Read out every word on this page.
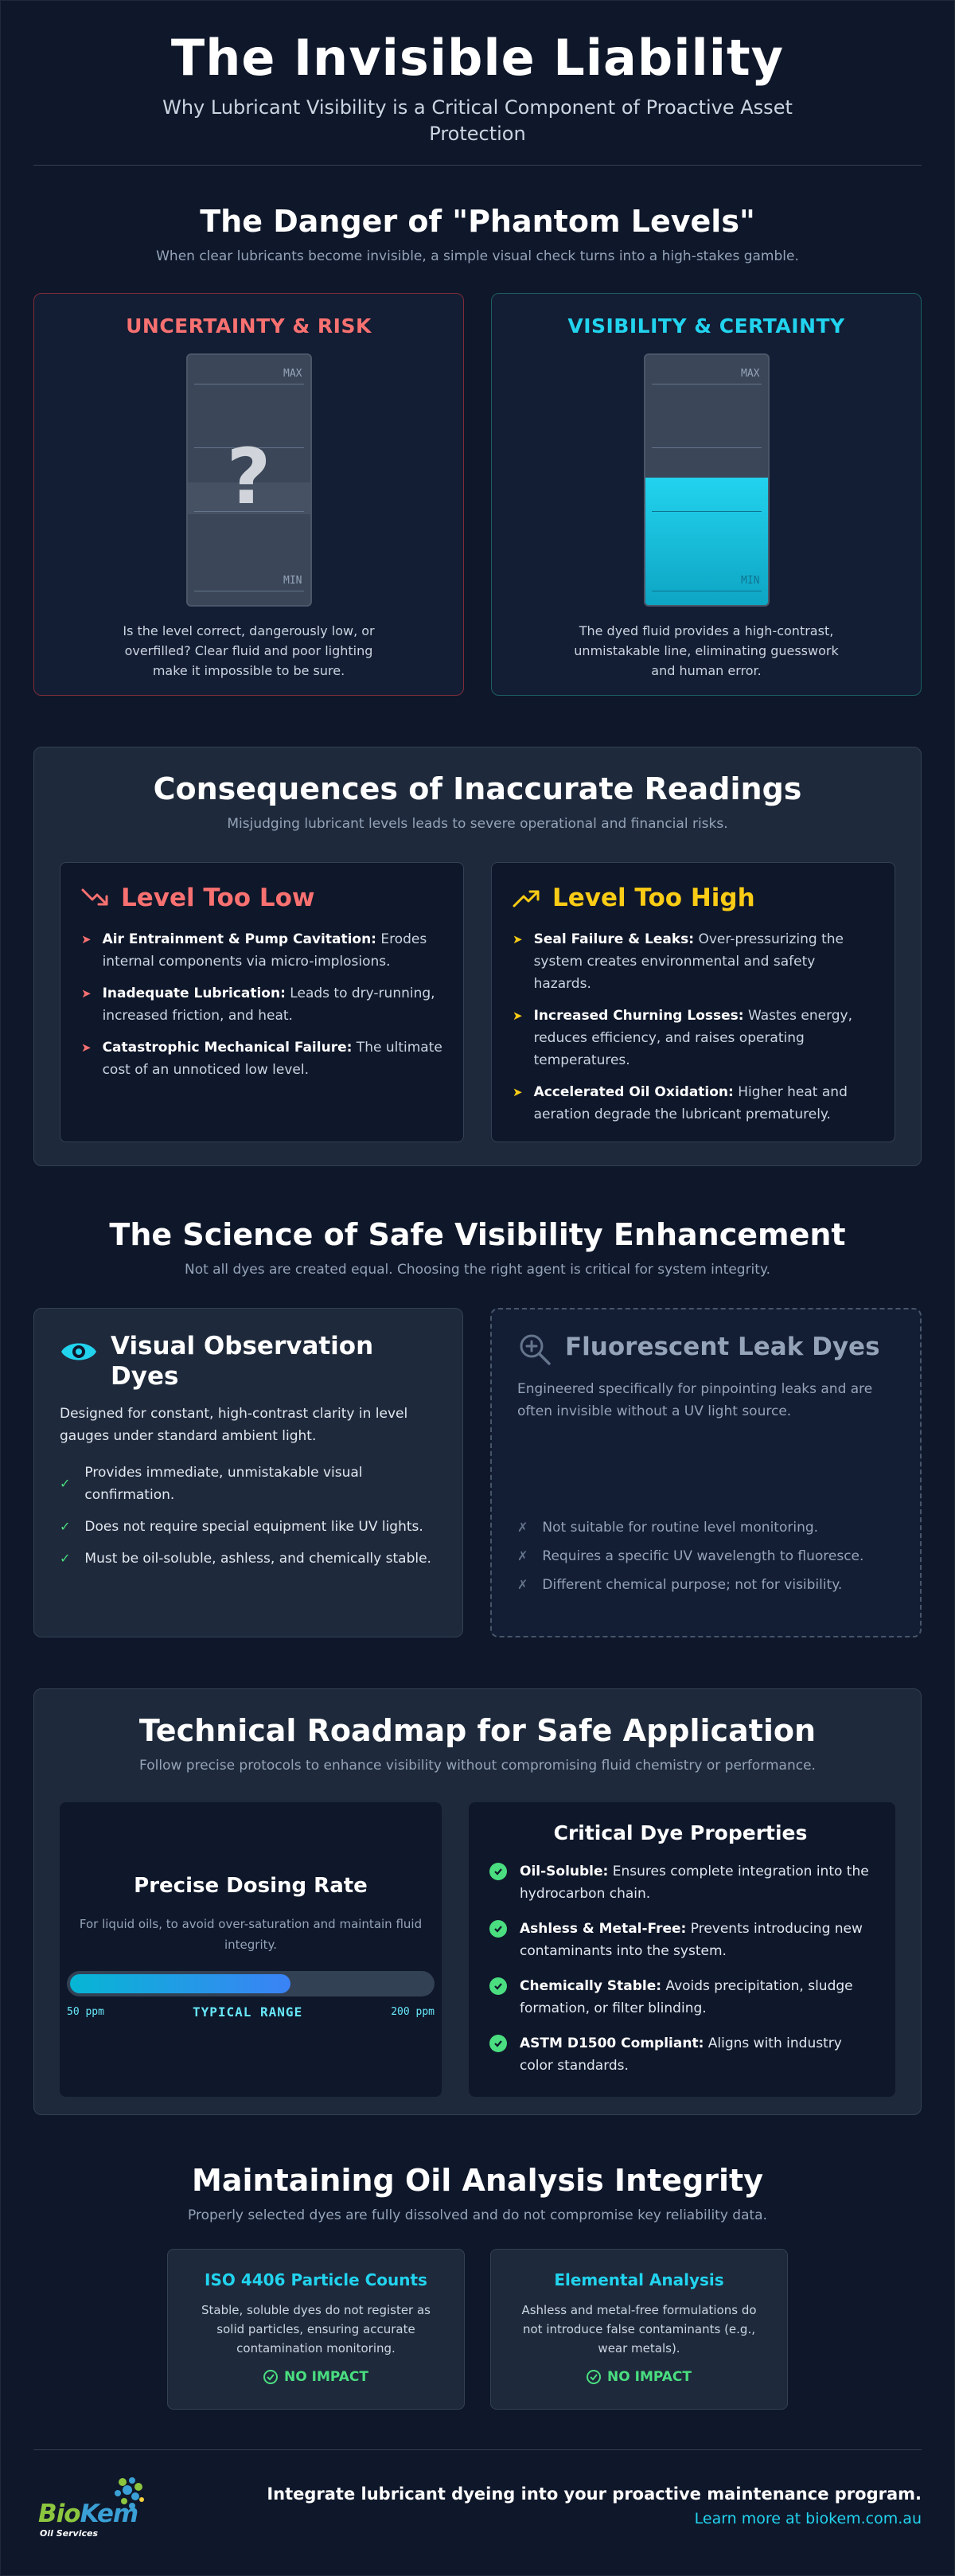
The Invisible Liability

Why Lubricant Visibility is a Critical Component of Proactive Asset Protection

The Danger of "Phantom Levels"

When clear lubricants become invisible, a simple visual check turns into a high-stakes gamble.

UNCERTAINTY & RISK
MAX
?
MIN

Is the level correct, dangerously low, or overfilled? Clear fluid and poor lighting make it impossible to be sure.

VISIBILITY & CERTAINTY
MAX
MIN

The dyed fluid provides a high-contrast, unmistakable line, eliminating guesswork and human error.

Consequences of Inaccurate Readings

Misjudging lubricant levels leads to severe operational and financial risks.

Level Too Low
➤ Air Entrainment & Pump Cavitation: Erodes internal components via micro-implosions.
➤ Inadequate Lubrication: Leads to dry-running, increased friction, and heat.
➤ Catastrophic Mechanical Failure: The ultimate cost of an unnoticed low level.
Level Too High
➤ Seal Failure & Leaks: Over-pressurizing the system creates environmental and safety hazards.
➤ Increased Churning Losses: Wastes energy, reduces efficiency, and raises operating temperatures.
➤ Accelerated Oil Oxidation: Higher heat and aeration degrade the lubricant prematurely.
The Science of Safe Visibility Enhancement

Not all dyes are created equal. Choosing the right agent is critical for system integrity.

Visual Observation Dyes

Designed for constant, high-contrast clarity in level gauges under standard ambient light.

✓
Provides immediate, unmistakable visual confirmation.
✓ Does not require special equipment like UV lights.
✓ Must be oil-soluble, ashless, and chemically stable.
Fluorescent Leak Dyes

Engineered specifically for pinpointing leaks and are often invisible without a UV light source.

✗ Not suitable for routine level monitoring.
✗ Requires a specific UV wavelength to fluoresce.
✗ Different chemical purpose; not for visibility.
Technical Roadmap for Safe Application

Follow precise protocols to enhance visibility without compromising fluid chemistry or performance.

Precise Dosing Rate

For liquid oils, to avoid over-saturation and maintain fluid integrity.

50 ppm	TYPICAL RANGE	200 ppm
Critical Dye Properties
Oil-Soluble: Ensures complete integration into the hydrocarbon chain.
Ashless & Metal-Free: Prevents introducing new contaminants into the system.
Chemically Stable: Avoids precipitation, sludge formation, or filter blinding.
ASTM D1500 Compliant: Aligns with industry color standards.
Maintaining Oil Analysis Integrity

Properly selected dyes are fully dissolved and do not compromise key reliability data.

ISO 4406 Particle Counts

Stable, soluble dyes do not register as solid particles, ensuring accurate contamination monitoring.

NO IMPACT
Elemental Analysis

Ashless and metal-free formulations do not introduce false contaminants (e.g., wear metals).

NO IMPACT
BioKem
Oil Services
Integrate lubricant dyeing into your proactive maintenance program.
Learn more at biokem.com.au
